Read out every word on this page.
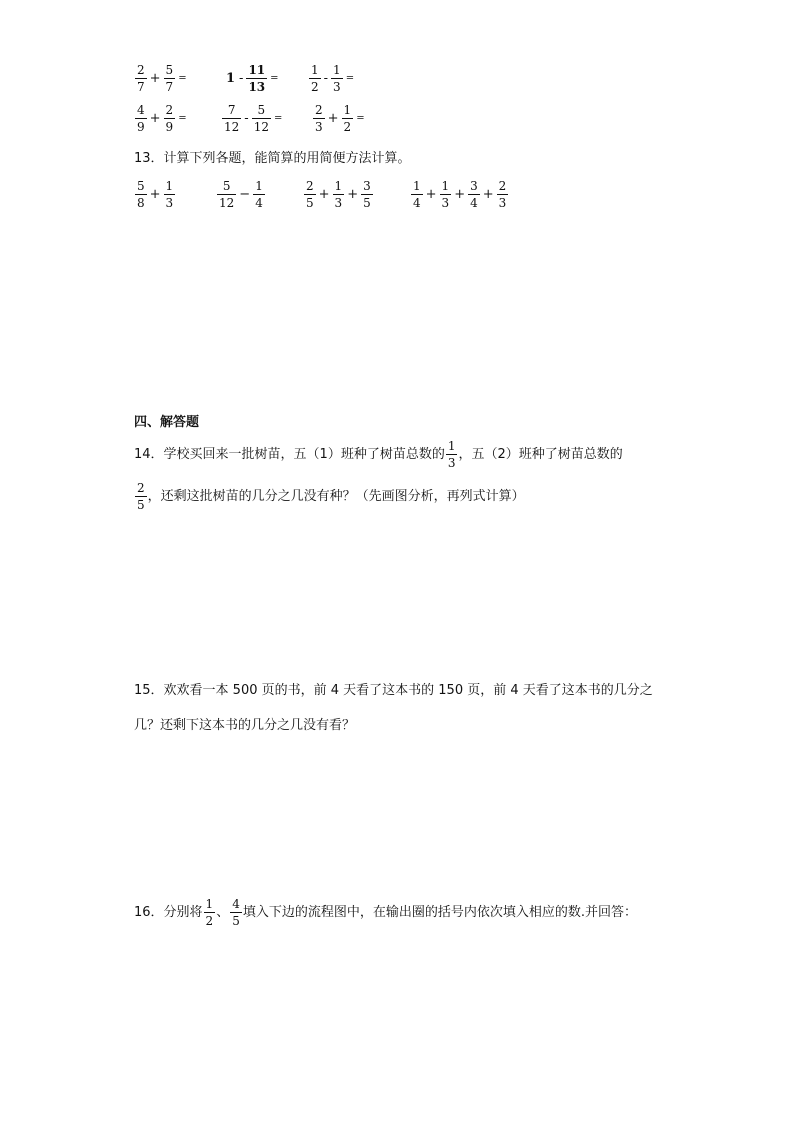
$\frac{2}{7} + \frac{5}{7}$ =	$1 - \frac{11}{13}$ =	$\frac{1}{2} - \frac{1}{3}$ =
$\frac{4}{9} + \frac{2}{9}$ =	$\frac{7}{12} - \frac{5}{12}$ =	$\frac{2}{3} + \frac{1}{2}$ =
13．计算下列各题，能简算的用简便方法计算。
$\frac{5}{8} + \frac{1}{3}$	$\frac{5}{12} - \frac{1}{4}$	$\frac{2}{5} + \frac{1}{3} + \frac{3}{5}$	$\frac{1}{4} + \frac{1}{3} + \frac{3}{4} + \frac{2}{3}$
四、解答题
14．学校买回来一批树苗，五（1）班种了树苗总数的 $\frac{1}{3}$ ，五（2）班种了树苗总数的
$\frac{2}{5}$ ，还剩这批树苗的几分之几没有种？（先画图分析，再列式计算）
15．欢欢看一本 500 页的书，前 4 天看了这本书的 150 页，前 4 天看了这本书的几分之
几？还剩下这本书的几分之几没有看？
16．分别将 $\frac{1}{2}$ 、 $\frac{4}{5}$ 填入下边的流程图中，在输出圈的括号内依次填入相应的数.并回答：
